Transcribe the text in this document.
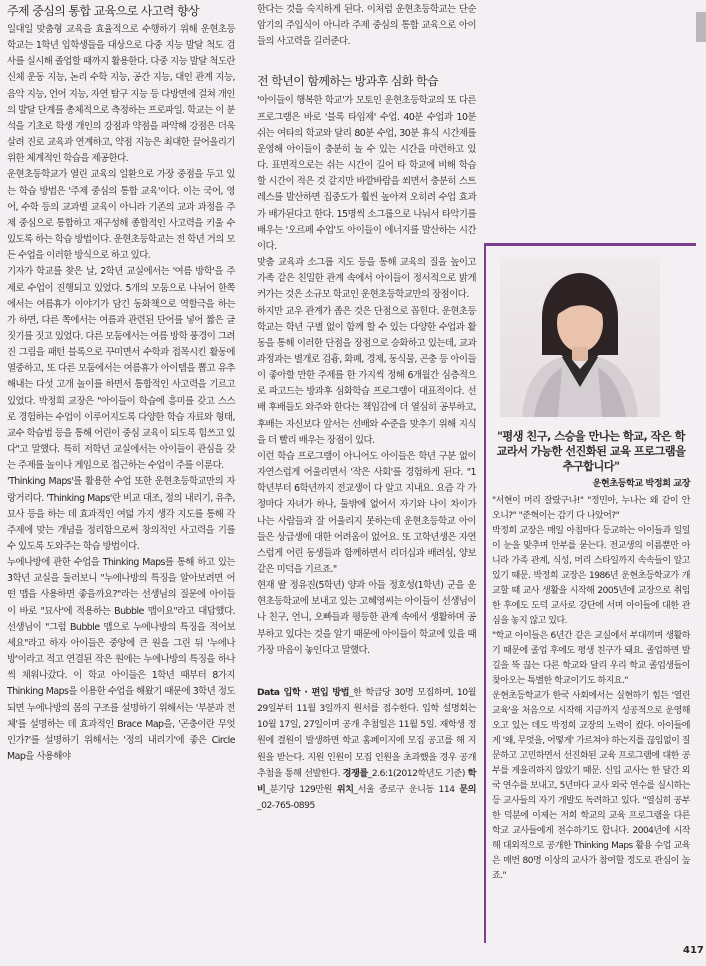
주제 중심의 통합 교육으로 사고력 향상

일대일 맞춤형 교육을 효율적으로 수행하기 위해 운현초등학교는 1학년 입학생들을 대상으로 다중 지능 발달 척도 검사를 실시해 졸업할 때까지 활용한다. 다중 지능 발달 척도란 신체 운동 지능, 논리 수학 지능, 공간 지능, 대인 관계 지능, 음악 지능, 언어 지능, 자연 탐구 지능 등 다방면에 걸쳐 개인의 발달 단계를 총체적으로 측정하는 프로파일. 학교는 이 분석을 기초로 학생 개인의 강점과 약점을 파악해 강점은 더욱 살려 진로 교육과 연계하고, 약점 지능은 최대한 끌어올리기 위한 체계적인 학습을 제공한다.

운현초등학교가 열린 교육의 일환으로 가장 중점을 두고 있는 학습 방법은 '주제 중심의 통합 교육'이다. 이는 국어, 영어, 수학 등의 교과별 교육이 아니라 기존의 교과 과정을 주제 중심으로 통합하고 재구성해 종합적인 사고력을 키울 수 있도록 하는 학습 방법이다. 운현초등학교는 전 학년 거의 모든 수업을 이러한 방식으로 하고 있다.

기자가 학교를 찾은 날, 2학년 교실에서는 '여름 방학'을 주제로 수업이 진행되고 있었다. 5개의 모둠으로 나뉘어 한쪽에서는 여름휴가 이야기가 담긴 동화책으로 역할극을 하는가 하면, 다른 쪽에서는 여름과 관련된 단어를 넣어 짧은 글짓기를 짓고 있었다. 다른 모둠에서는 여름 방학 풍경이 그려진 그림을 패턴 블록으로 꾸미면서 수학과 접목시킨 활동에 열중하고, 또 다른 모둠에서는 여름휴가 아이템을 뽑고 유추해내는 다섯 고개 놀이를 하면서 통합적인 사고력을 기르고 있었다. 박정희 교장은 "아이들이 학습에 흥미를 갖고 스스로 경험하는 수업이 이루어지도록 다양한 학습 자료와 형태, 교수 학습법 등을 통해 어린이 중심 교육이 되도록 힘쓰고 있다"고 말했다. 특히 저학년 교실에서는 아이들이 관심을 갖는 주제를 놀이나 게임으로 접근하는 수업이 주를 이룬다.

'Thinking Maps'를 활용한 수업 또한 운현초등학교만의 자랑거리다. 'Thinking Maps'란 비교 대조, 정의 내리기, 유추, 묘사 등을 하는 데 효과적인 여덟 가지 생각 지도를 통해 각 주제에 맞는 개념을 정리함으로써 창의적인 사고력을 기를 수 있도록 도와주는 학습 방법이다.

누에나방에 관한 수업을 Thinking Maps를 통해 하고 있는 3학년 교실을 둘러보니 "누에나방의 특징을 알아보려면 어떤 맵을 사용하면 좋을까요?"라는 선생님의 질문에 아이들이 바로 "묘사'에 적용하는 Bubble 맵이요"라고 대답했다. 선생님이 "그럼 Bubble 맵으로 누에나방의 특징을 적어보세요"라고 하자 아이들은 중앙에 큰 원을 그린 뒤 '누에나방'이라고 적고 연결된 작은 원에는 누에나방의 특징을 하나씩 채워나갔다. 이 학교 아이들은 1학년 때부터 8가지 Thinking Maps을 이용한 수업을 해왔기 때문에 3학년 정도 되면 누에나방의 몸의 구조를 설명하기 위해서는 '부분과 전체'를 설명하는 데 효과적인 Brace Map을, '곤충이란 무엇인가?'를 설명하기 위해서는 '정의 내리기'에 좋은 Circle Map을 사용해야

한다는 것을 숙지하게 된다. 이처럼 운현초등학교는 단순 암기의 주입식이 아니라 주제 중심의 통합 교육으로 아이들의 사고력을 길러준다.

전 학년이 함께하는 방과후 심화 학습

'아이들이 행복한 학교'가 모토인 운현초등학교의 또 다른 프로그램은 바로 '블록 타임제' 수업. 40분 수업과 10분 쉬는 여타의 학교와 달리 80분 수업, 30분 휴식 시간제를 운영해 아이들이 충분히 놀 수 있는 시간을 마련하고 있다. 표면적으로는 쉬는 시간이 길어 타 학교에 비해 학습할 시간이 적은 것 같지만 바깥바람을 쐬면서 충분히 스트레스를 발산하면 집중도가 훨씬 높아져 오히려 수업 효과가 배가된다고 한다. 15명씩 소그룹으로 나눠서 타악기를 배우는 '오르페 수업'도 아이들이 에너지를 발산하는 시간이다.

맞춤 교육과 소그룹 지도 등을 통해 교육의 질을 높이고 가족 같은 친밀한 관계 속에서 아이들이 정서적으로 밝게 커가는 것은 소규모 학교인 운현초등학교만의 장점이다.

하지만 교우 관계가 좁은 것은 단점으로 꼽힌다. 운현초등학교는 학년 구별 없이 함께 할 수 있는 다양한 수업과 활동을 통해 이러한 단점을 장점으로 승화하고 있는데, 교과 과정과는 별개로 검흉, 화폐, 경제, 동식물, 곤충 등 아이들이 좋아할 만한 주제를 한 가지씩 정해 6개월간 심층적으로 파고드는 방과후 심화학습 프로그램이 대표적이다. 선배 후배들도 와주와 한다는 책임감에 더 열심히 공부하고, 후배는 자신보다 앞서는 선배와 수준을 맞추기 위해 지식을 더 빨리 배우는 장점이 있다.

이런 학습 프로그램이 아니어도 아이들은 학년 구분 없이 자연스럽게 어울리면서 '작은 사회'를 경험하게 된다. "1학년부터 6학년까지 전교생이 다 알고 지내요. 요즘 각 가정마다 자녀가 하나, 둘밖에 없어서 자기와 나이 차이가 나는 사람들과 잘 어울리지 못하는데 운현초등학교 아이들은 상급생에 대한 어려움이 없어요. 또 고학년생은 자연스럽게 어린 동생들과 함께하면서 리더십과 배려심, 양보 같은 미덕을 기르죠."

현재 딸 정유진(5학년) 양과 아들 정호성(1학년) 군을 운현초등학교에 보내고 있는 고혜영씨는 아이들이 선생님이나 친구, 언니, 오빠들과 평등한 관계 속에서 생활하며 공부하고 있다는 것을 알기 때문에 아이들이 학교에 있을 때 가장 마음이 놓인다고 말했다.

Data 입학 · 편입 방법_한 학급당 30명 모집하며, 10월 29일부터 11월 3일까지 원서를 접수한다. 입학 설명회는 10월 17일, 27일이며 공개 추첨일은 11월 5일. 재학생 정원에 결원이 발생하면 학교 홈페이지에 모집 공고를 해 지원을 받는다. 지원 인원이 모집 인원을 초과했을 경우 공개 추첨을 통해 선발한다. 경쟁률_2.6:1(2012학년도 기준) 학비_분기당 129만원 위치_서울 종로구 운니동 114 문의_02-765-0895

"평생 친구, 스승을 만나는 학교, 작은 학교라서 가능한 선진화된 교육 프로그램을 추구합니다"

운현초등학교 박정희 교장

"서현이 머리 잘랐구나!" "정민아, 누나는 왜 같이 안 오니?" "준혁이는 감기 다 나았어?"

박정희 교장은 매일 아침마다 등교하는 아이들과 일일이 눈을 맞추며 안부를 묻는다. 전교생의 이름뿐만 아니라 가족 관계, 식성, 머리 스타일까지 속속들이 알고 있기 때문. 박정희 교장은 1986년 운현초등학교가 개교할 때 교사 생활을 시작해 2005년에 교장으로 취임한 후에도 도덕 교사로 강단에 서며 아이들에 대한 관심을 놓지 않고 있다.

"학교 아이들은 6년간 같은 교실에서 부대끼며 생활하기 때문에 졸업 후에도 평생 친구가 돼요. 졸업하면 발길을 뚝 끊는 다른 학교와 달리 우리 학교 졸업생들이 찾아오는 특별한 학교이기도 하지요."

운현초등학교가 한국 사회에서는 실현하기 힘든 '열린 교육'을 처음으로 시작해 지금까지 성공적으로 운영해오고 있는 데도 박정희 교장의 노력이 컸다. 아이들에게 '왜, 무엇을, 어떻게' 가르쳐야 하는지를 끊임없이 질문하고 고민하면서 선진화된 교육 프로그램에 대한 공부를 게을리하지 않았기 때문. 신입 교사는 한 달간 외국 연수를 보내고, 5년마다 교사 외국 연수를 실시하는 등 교사들의 자기 개발도 독려하고 있다. "열심히 공부한 덕분에 이제는 저희 학교의 교육 프로그램을 다른 학교 교사들에게 전수하기도 합니다. 2004년에 시작해 대외적으로 공개한 Thinking Maps 활용 수업 교육은 매번 80명 이상의 교사가 참여할 정도로 관심이 높죠."

417
